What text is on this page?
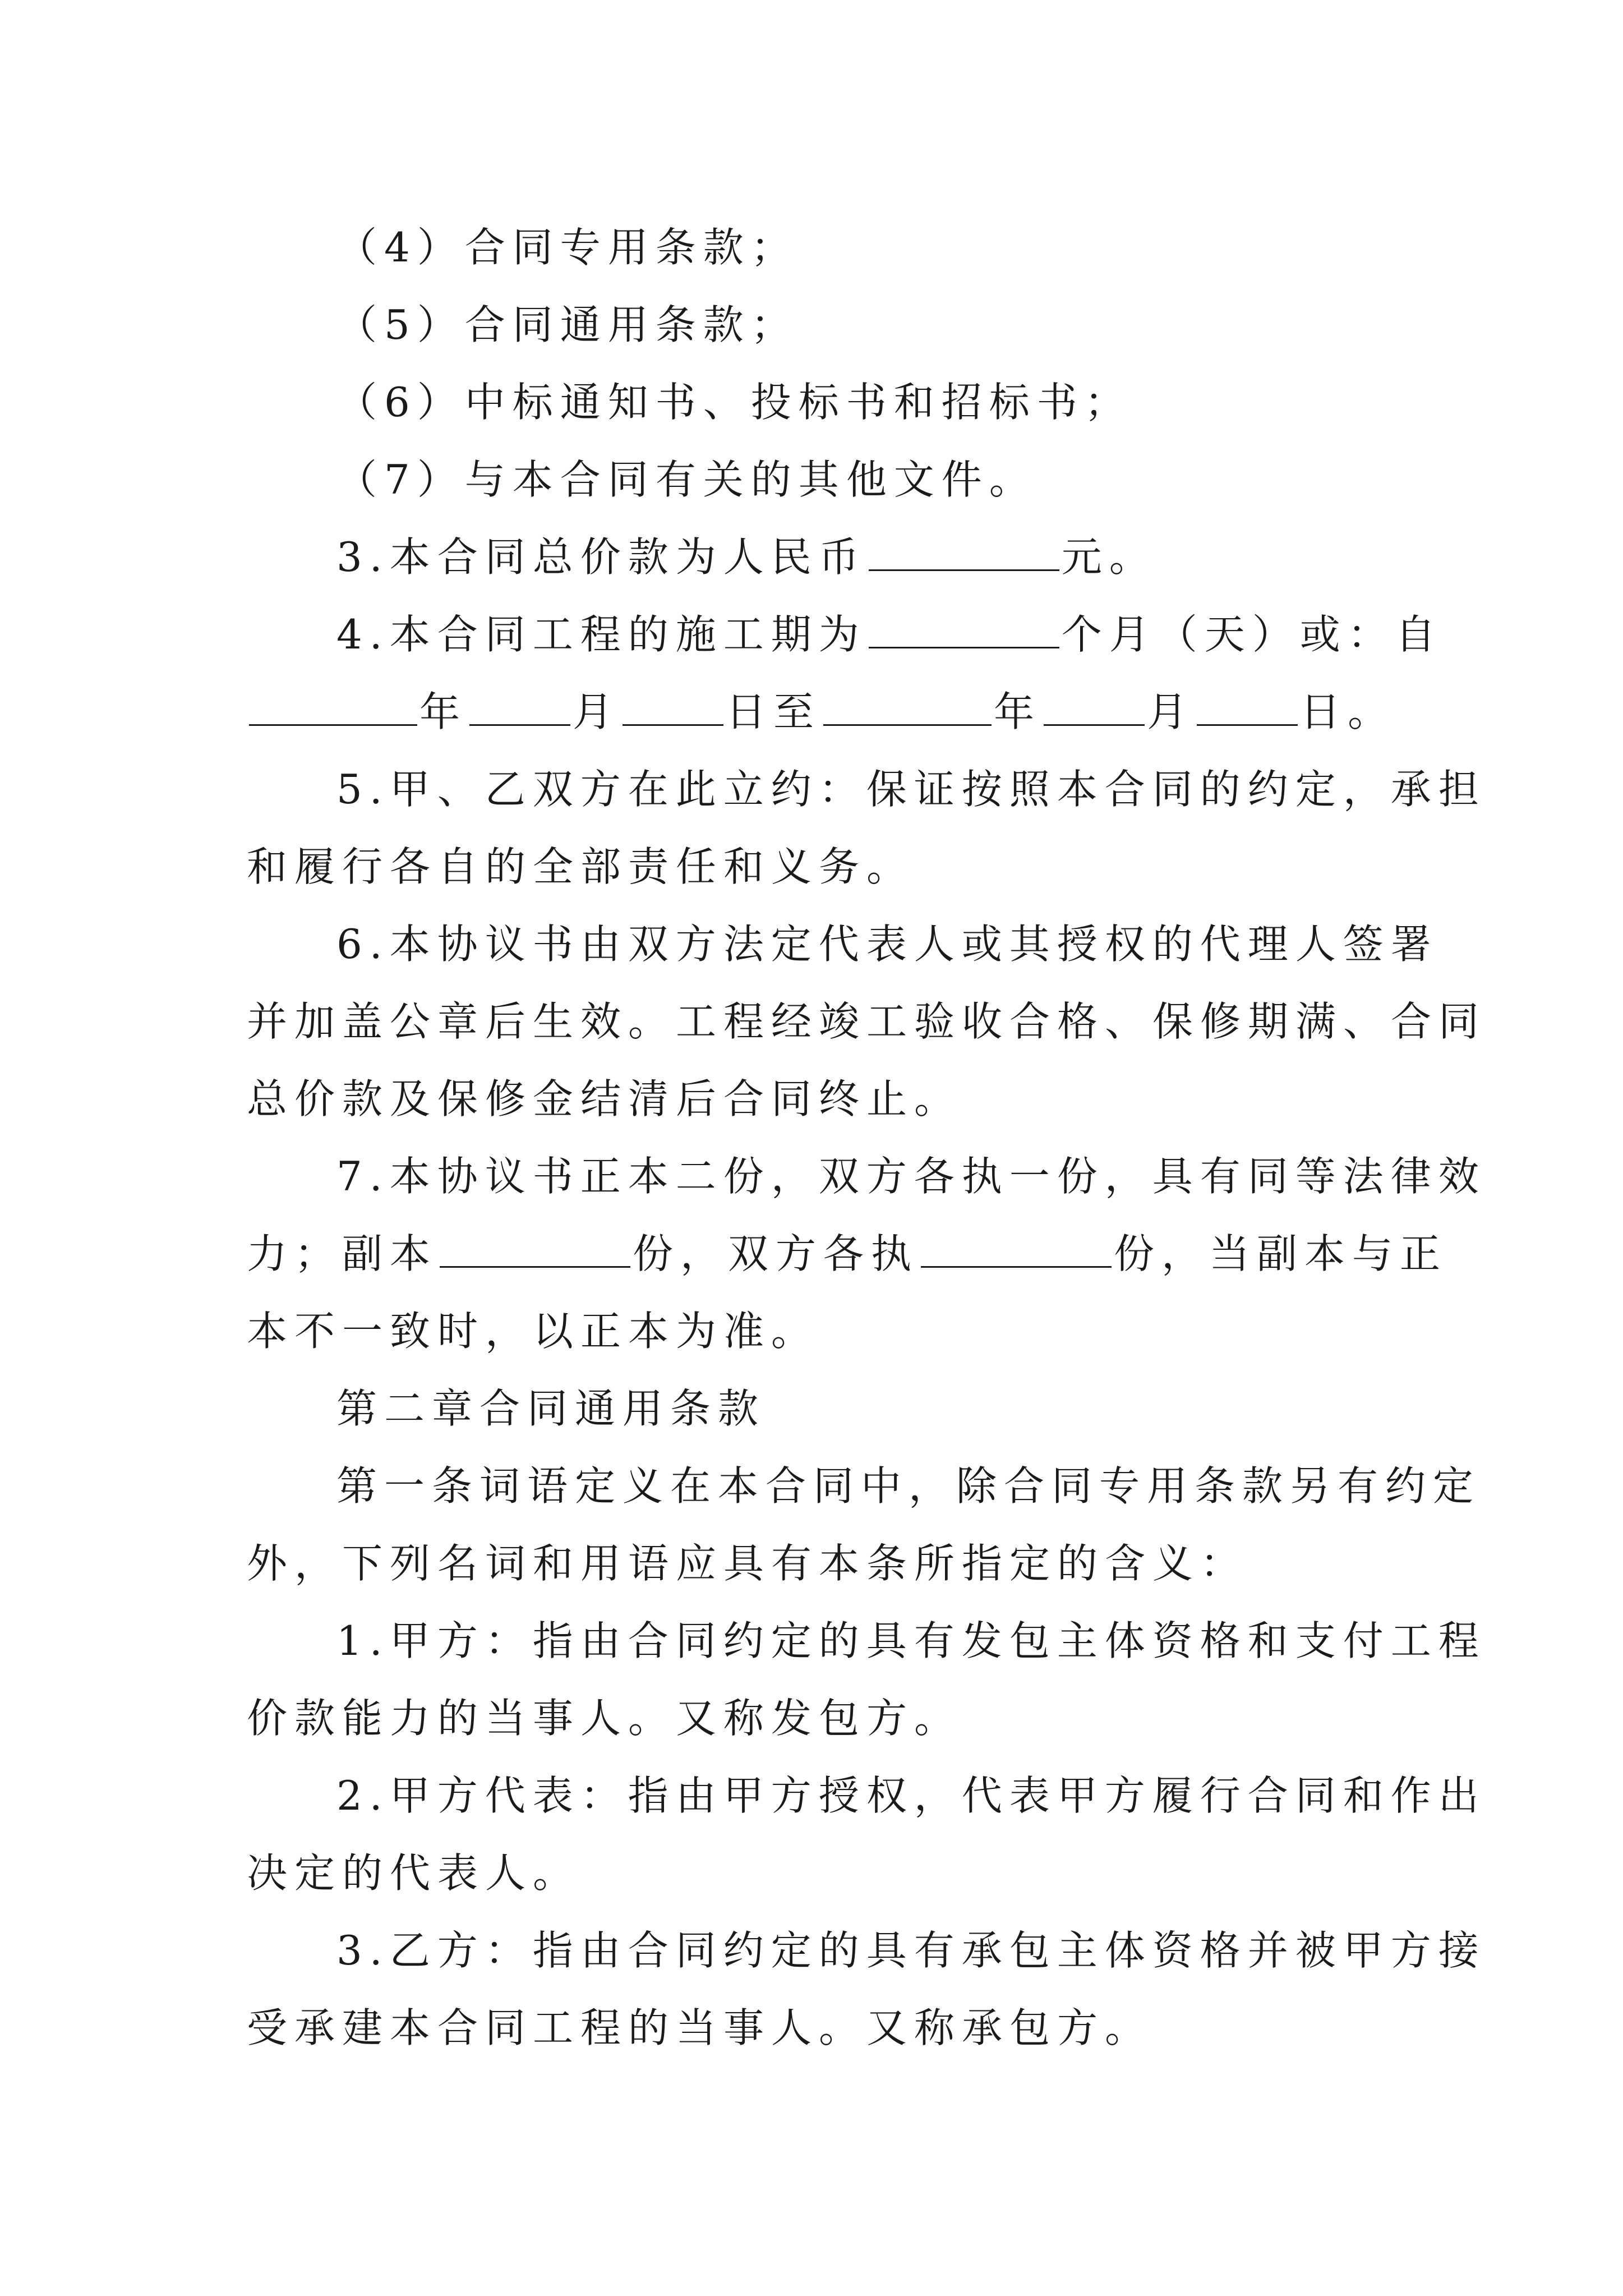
（4）合同专用条款；
（5）合同通用条款；
（6）中标通知书、投标书和招标书；
（7）与本合同有关的其他文件。
3.本合同总价款为人民币	元。
4.本合同工程的施工期为	个月（天）或：自
年	月	日至	年	月	日。
5.甲、乙双方在此立约：保证按照本合同的约定，承担
和履行各自的全部责任和义务。
6.本协议书由双方法定代表人或其授权的代理人签署
并加盖公章后生效。工程经竣工验收合格、保修期满、合同
总价款及保修金结清后合同终止。
7.本协议书正本二份，双方各执一份，具有同等法律效
力；副本	份，双方各执	份，当副本与正
本不一致时，以正本为准。
第二章合同通用条款
第一条词语定义在本合同中，除合同专用条款另有约定
外，下列名词和用语应具有本条所指定的含义：
1.甲方：指由合同约定的具有发包主体资格和支付工程
价款能力的当事人。又称发包方。
2.甲方代表：指由甲方授权，代表甲方履行合同和作出
决定的代表人。
3.乙方：指由合同约定的具有承包主体资格并被甲方接
受承建本合同工程的当事人。又称承包方。
